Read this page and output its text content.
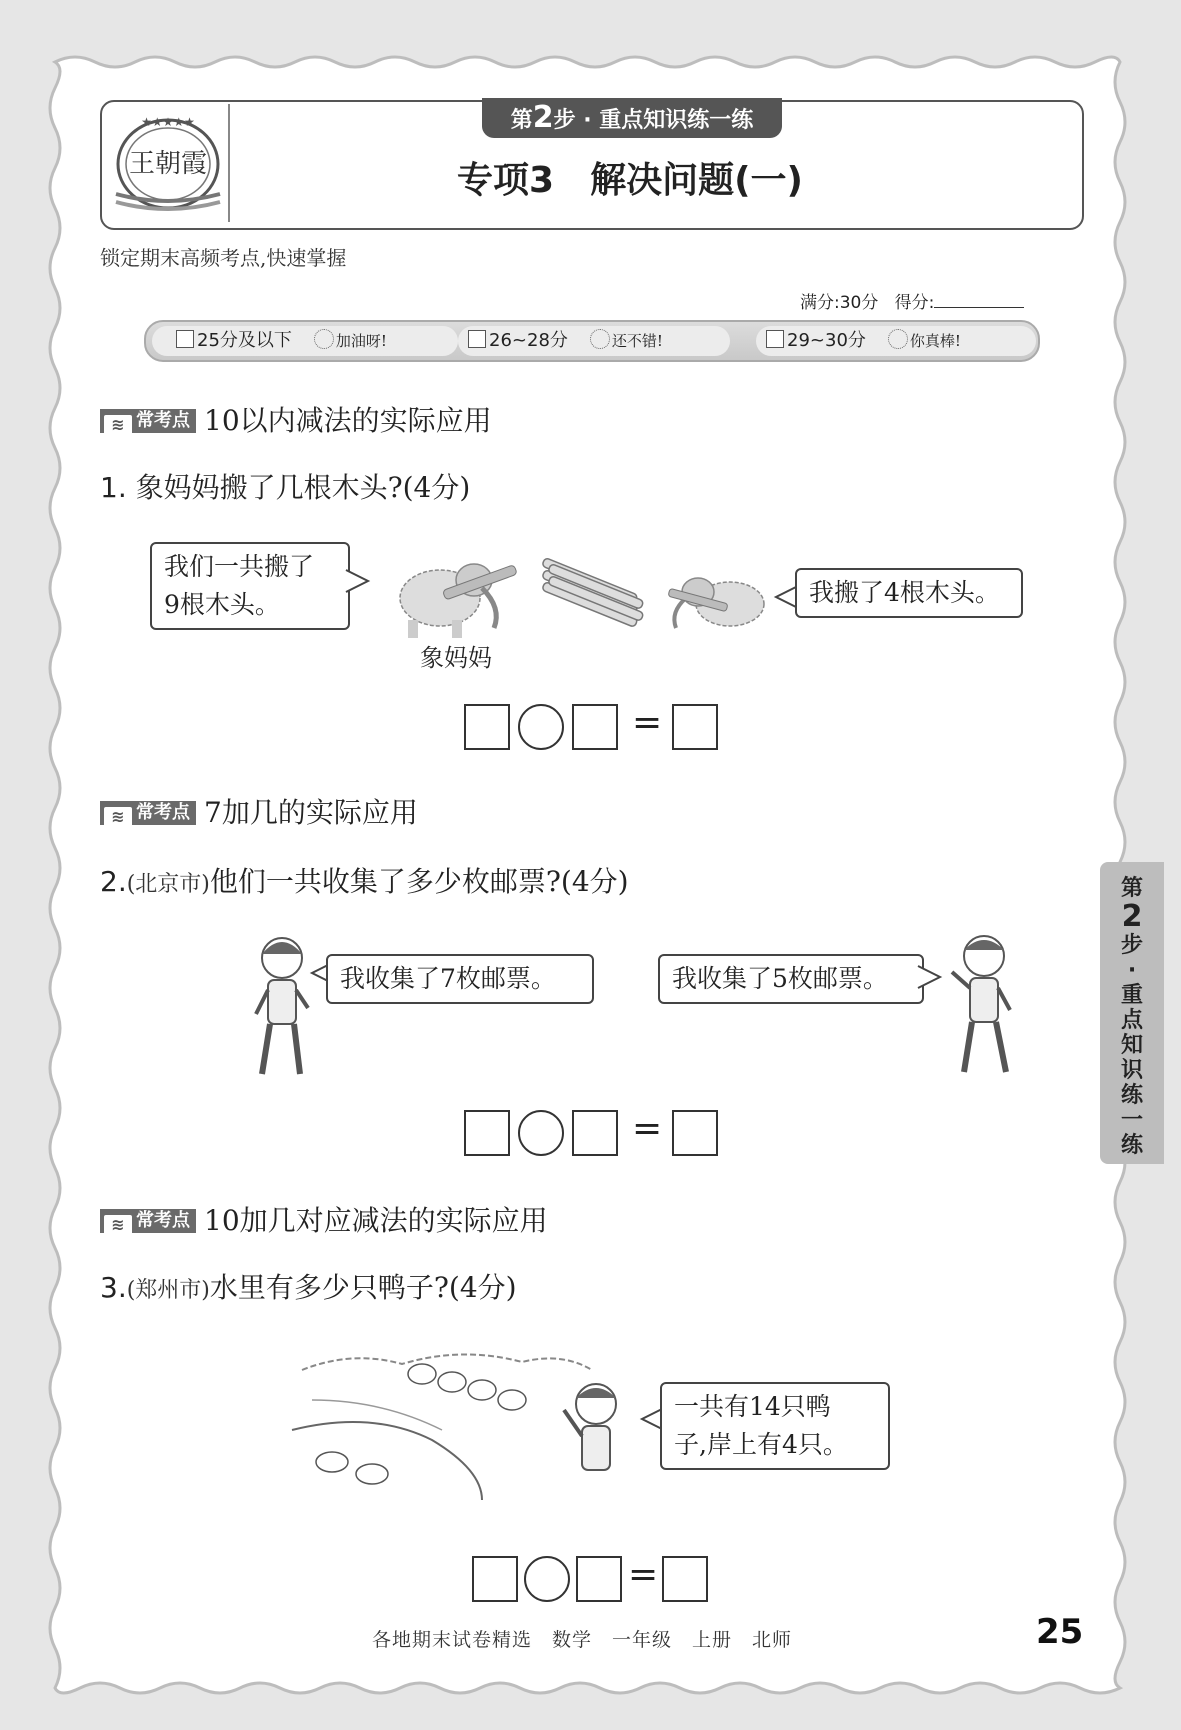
★★★★★
王朝霞
第2步 · 重点知识练一练
专项3　解决问题(一)
锁定期末高频考点,快速掌握
满分:30分 得分:
25分及以下	加油呀!	26~28分	还不错!	29~30分	你真棒!
≋ 常考点 10以内减法的实际应用
1. 象妈妈搬了几根木头?(4分)
我们一共搬了
9根木头。
象妈妈
我搬了4根木头。
=
≋ 常考点 7加几的实际应用
2.(北京市)他们一共收集了多少枚邮票?(4分)
我收集了7枚邮票。	我收集了5枚邮票。
=
≋ 常考点 10加几对应减法的实际应用
3.(郑州市)水里有多少只鸭子?(4分)
一共有14只鸭
子,岸上有4只。
=
第
2
步
·
重
点
知
识
练
一
练
各地期末试卷精选　数学　一年级　上册　北师	25
